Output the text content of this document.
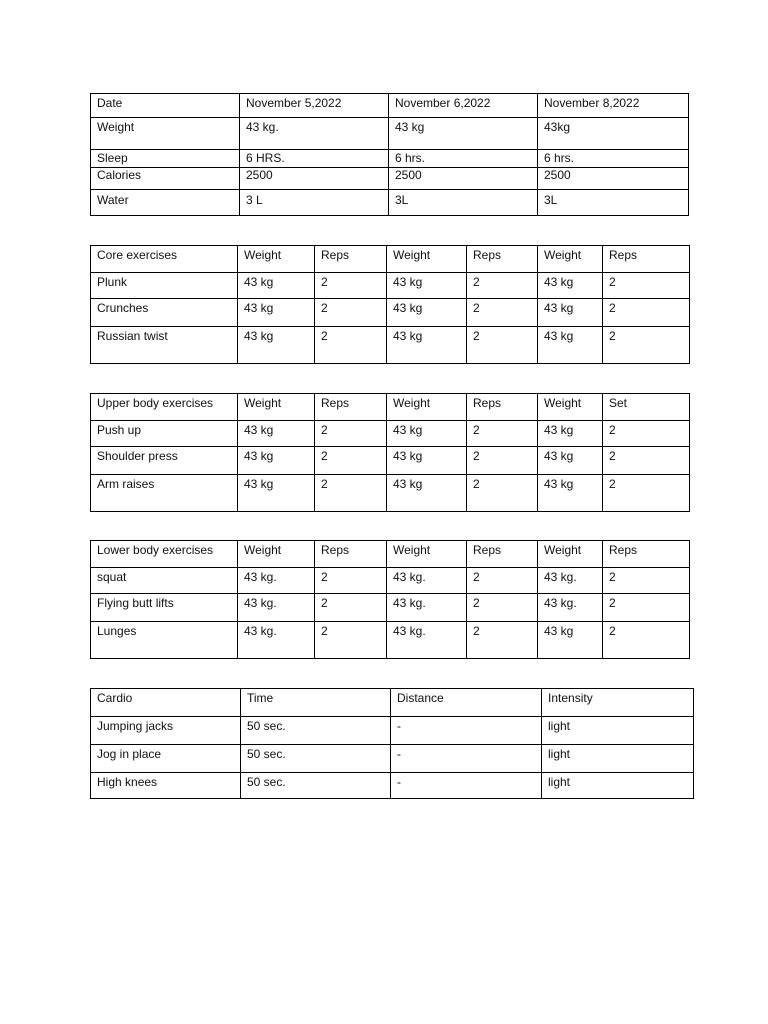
Date	November 5,2022	November 6,2022	November 8,2022

Weight	43 kg.	43 kg	43kg

Sleep	6 HRS.	6 hrs.	6 hrs.

Calories	2500	2500	2500

Water	3 L	3L	3L
Core exercises	Weight	Reps	Weight	Reps	Weight	Reps

Plunk	43 kg	2	43 kg	2	43 kg	2

Crunches	43 kg	2	43 kg	2	43 kg	2

Russian twist	43 kg	2	43 kg	2	43 kg	2
Upper body exercises	Weight	Reps	Weight	Reps	Weight	Set

Push up	43 kg	2	43 kg	2	43 kg	2

Shoulder press	43 kg	2	43 kg	2	43 kg	2

Arm raises	43 kg	2	43 kg	2	43 kg	2
Lower body exercises	Weight	Reps	Weight	Reps	Weight	Reps

squat	43 kg.	2	43 kg.	2	43 kg.	2

Flying butt lifts	43 kg.	2	43 kg.	2	43 kg.	2

Lunges	43 kg.	2	43 kg.	2	43 kg	2
Cardio	Time	Distance	Intensity

Jumping jacks	50 sec.	-	light

Jog in place	50 sec.	-	light

High knees	50 sec.	-	light
